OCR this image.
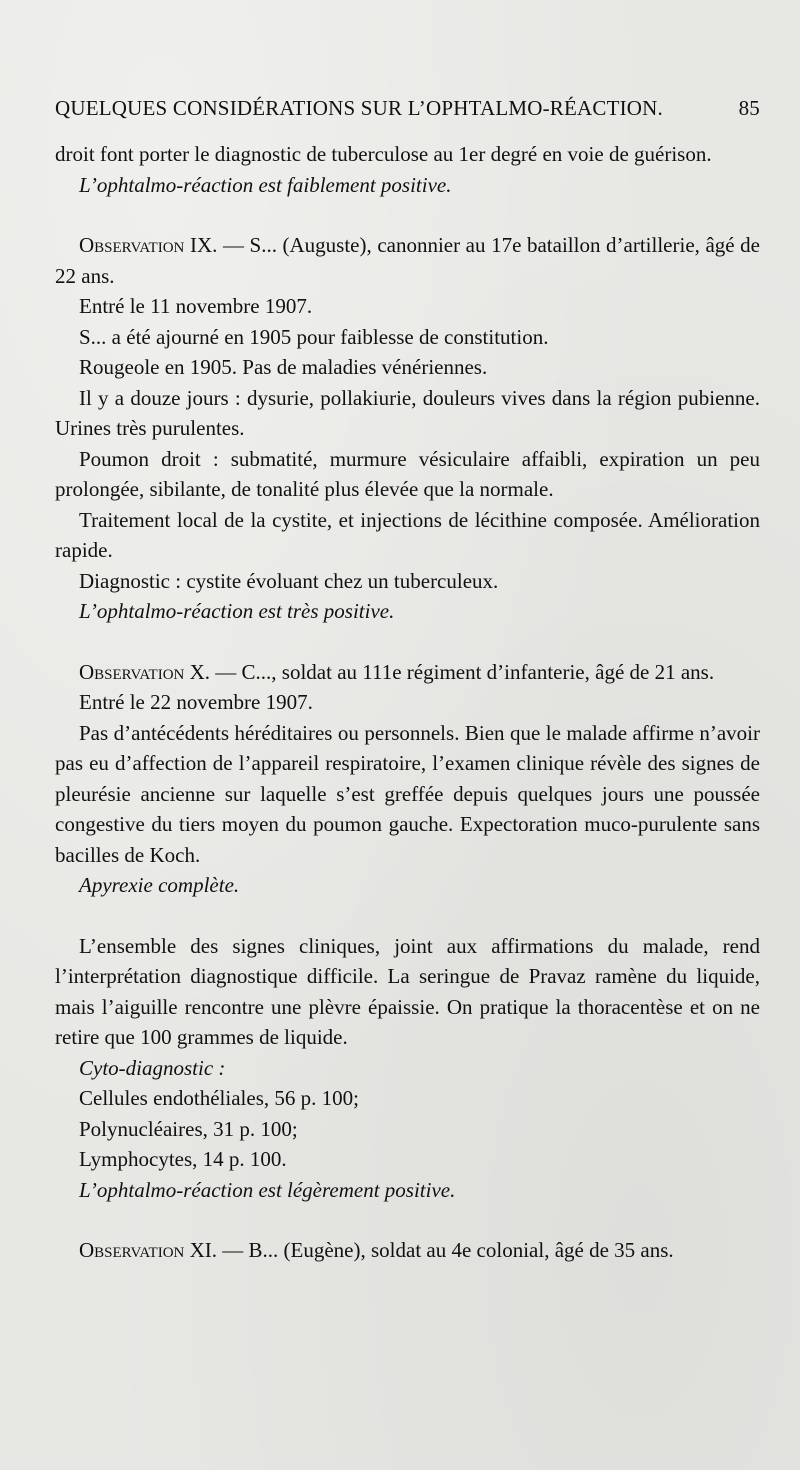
QUELQUES CONSIDÉRATIONS SUR L’OPHTALMO-RÉACTION.	85

droit font porter le diagnostic de tuberculose au 1er degré en voie de guérison.

L’ophtalmo-réaction est faiblement positive.

Observation IX. — S... (Auguste), canonnier au 17e bataillon d’artillerie, âgé de 22 ans.

Entré le 11 novembre 1907.

S... a été ajourné en 1905 pour faiblesse de constitution.

Rougeole en 1905. Pas de maladies vénériennes.

Il y a douze jours : dysurie, pollakiurie, douleurs vives dans la région pubienne. Urines très purulentes.

Poumon droit : submatité, murmure vésiculaire affaibli, expiration un peu prolongée, sibilante, de tonalité plus élevée que la normale.

Traitement local de la cystite, et injections de lécithine composée. Amélioration rapide.

Diagnostic : cystite évoluant chez un tuberculeux.

L’ophtalmo-réaction est très positive.

Observation X. — C..., soldat au 111e régiment d’infanterie, âgé de 21 ans.

Entré le 22 novembre 1907.

Pas d’antécédents héréditaires ou personnels. Bien que le malade affirme n’avoir pas eu d’affection de l’appareil respiratoire, l’examen clinique révèle des signes de pleurésie ancienne sur laquelle s’est greffée depuis quelques jours une poussée congestive du tiers moyen du poumon gauche. Expectoration muco-purulente sans bacilles de Koch.

Apyrexie complète.

L’ensemble des signes cliniques, joint aux affirmations du malade, rend l’interprétation diagnostique difficile. La seringue de Pravaz ramène du liquide, mais l’aiguille rencontre une plèvre épaissie. On pratique la thoracentèse et on ne retire que 100 grammes de liquide.

Cyto-diagnostic :

Cellules endothéliales, 56 p. 100;

Polynucléaires, 31 p. 100;

Lymphocytes, 14 p. 100.

L’ophtalmo-réaction est légèrement positive.

Observation XI. — B... (Eugène), soldat au 4e colonial, âgé de 35 ans.
